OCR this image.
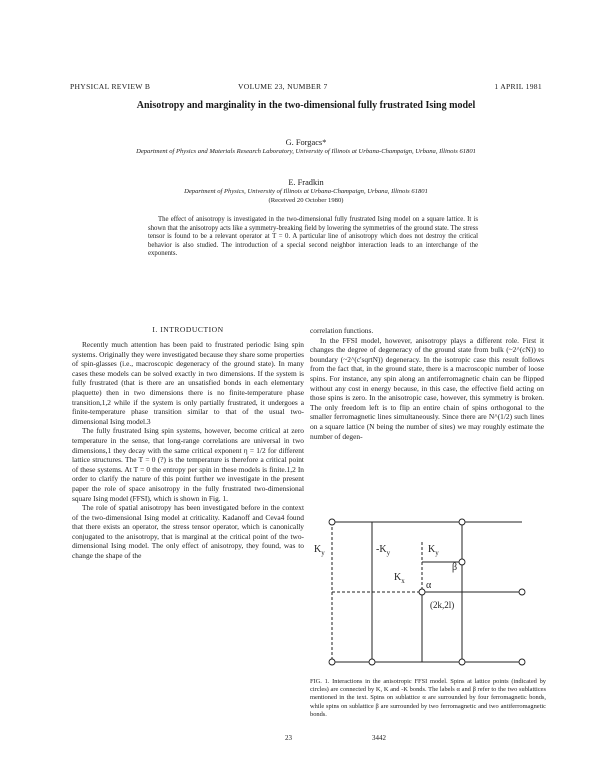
PHYSICAL REVIEW B	VOLUME 23, NUMBER 7	1 APRIL 1981
Anisotropy and marginality in the two-dimensional fully frustrated Ising model
G. Forgacs*
Department of Physics and Materials Research Laboratory, University of Illinois at Urbana-Champaign, Urbana, Illinois 61801
E. Fradkin
Department of Physics, University of Illinois at Urbana-Champaign, Urbana, Illinois 61801
(Received 20 October 1980)
The effect of anisotropy is investigated in the two-dimensional fully frustrated Ising model on a square lattice. It is shown that the anisotropy acts like a symmetry-breaking field by lowering the symmetries of the ground state. The stress tensor is found to be a relevant operator at T = 0. A particular line of anisotropy which does not destroy the critical behavior is also studied. The introduction of a special second neighbor interaction leads to an interchange of the exponents.
I. INTRODUCTION

Recently much attention has been paid to frustrated periodic Ising spin systems. Originally they were investigated because they share some properties of spin-glasses (i.e., macroscopic degeneracy of the ground state). In many cases these models can be solved exactly in two dimensions. If the system is fully frustrated (that is there are an unsatisfied bonds in each elementary plaquette) then in two dimensions there is no finite-temperature phase transition,1,2 while if the system is only partially frustrated, it undergoes a finite-temperature phase transition similar to that of the usual two-dimensional Ising model.3

The fully frustrated Ising spin systems, however, become critical at zero temperature in the sense, that long-range correlations are universal in two dimensions,1 they decay with the same critical exponent η = 1/2 for different lattice structures. The T = 0 (?) is the temperature is therefore a critical point of these systems. At T = 0 the entropy per spin in these models is finite.1,2 In order to clarify the nature of this point further we investigate in the present paper the role of space anisotropy in the fully frustrated two-dimensional square Ising model (FFSI), which is shown in Fig. 1.

The role of spatial anisotropy has been investigated before in the context of the two-dimensional Ising model at criticality. Kadanoff and Ceva4 found that there exists an operator, the stress tensor operator, which is canonically conjugated to the anisotropy, that is marginal at the critical point of the two-dimensional Ising model. The only effect of anisotropy, they found, was to change the shape of the

correlation functions.

In the FFSI model, however, anisotropy plays a different role. First it changes the degree of degeneracy of the ground state from bulk (~2^(cN)) to boundary (~2^(c'sqrtN)) degeneracy. In the isotropic case this result follows from the fact that, in the ground state, there is a macroscopic number of loose spins. For instance, any spin along an antiferromagnetic chain can be flipped without any cost in energy because, in this case, the effective field acting on those spins is zero. In the anisotropic case, however, this symmetry is broken. The only freedom left is to flip an entire chain of spins orthogonal to the smaller ferromagnetic lines simultaneously. Since there are N^(1/2) such lines on a square lattice (N being the number of sites) we may roughly estimate the number of degen-

$K_y$	$-K_y$
$K_x$
$K_y$
β
α
(2k,2l)
FIG. 1. Interactions in the anisotropic FFSI model. Spins at lattice points (indicated by circles) are connected by K, K and -K bonds. The labels α and β refer to the two sublattices mentioned in the text. Spins on sublattice α are surrounded by four ferromagnetic bonds, while spins on sublattice β are surrounded by two ferromagnetic and two antiferromagnetic bonds.
23	3442
